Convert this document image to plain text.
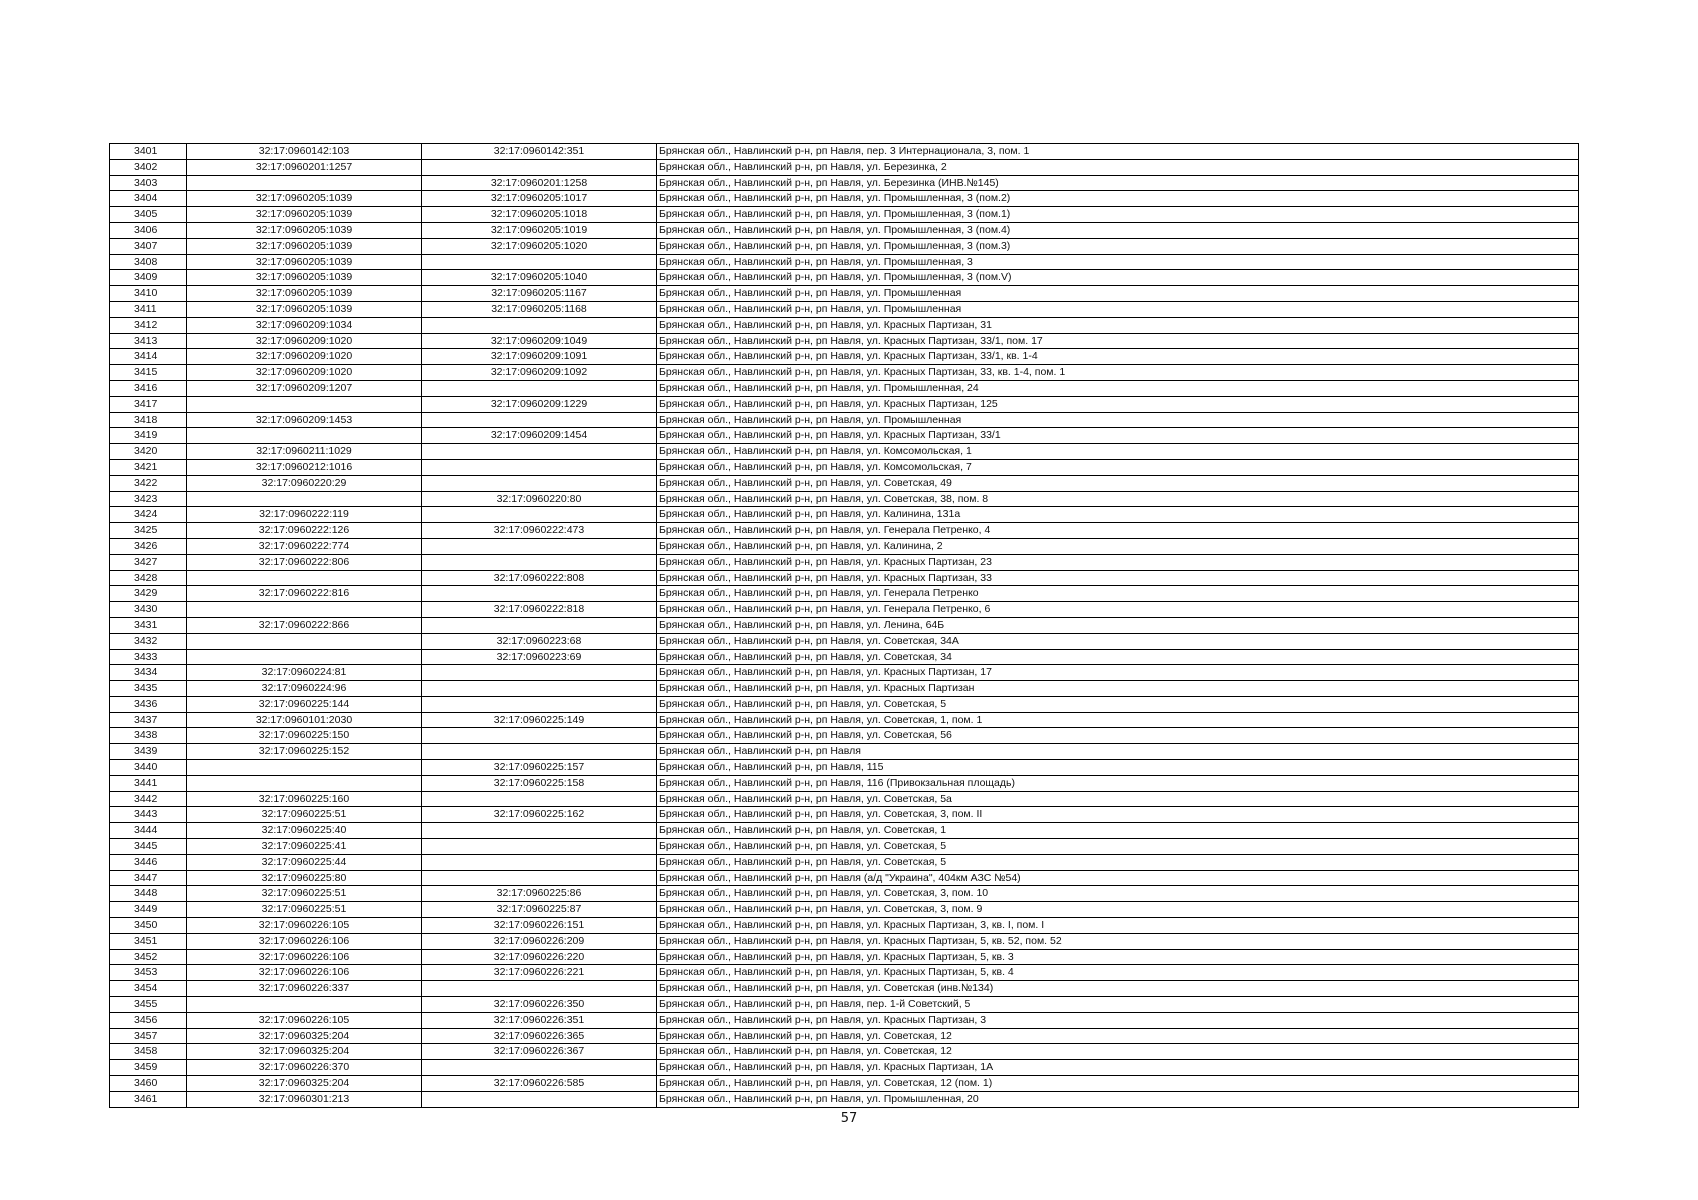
3401	32:17:0960142:103	32:17:0960142:351	Брянская обл., Навлинский р-н, рп Навля, пер. 3 Интернационала, 3, пом. 1
3402	32:17:0960201:1257		Брянская обл., Навлинский р-н, рп Навля, ул. Березинка, 2
3403		32:17:0960201:1258	Брянская обл., Навлинский р-н, рп Навля, ул. Березинка (ИНВ.№145)
3404	32:17:0960205:1039	32:17:0960205:1017	Брянская обл., Навлинский р-н, рп Навля, ул. Промышленная, 3 (пом.2)
3405	32:17:0960205:1039	32:17:0960205:1018	Брянская обл., Навлинский р-н, рп Навля, ул. Промышленная, 3 (пом.1)
3406	32:17:0960205:1039	32:17:0960205:1019	Брянская обл., Навлинский р-н, рп Навля, ул. Промышленная, 3 (пом.4)
3407	32:17:0960205:1039	32:17:0960205:1020	Брянская обл., Навлинский р-н, рп Навля, ул. Промышленная, 3 (пом.3)
3408	32:17:0960205:1039		Брянская обл., Навлинский р-н, рп Навля, ул. Промышленная, 3
3409	32:17:0960205:1039	32:17:0960205:1040	Брянская обл., Навлинский р-н, рп Навля, ул. Промышленная, 3 (пом.V)
3410	32:17:0960205:1039	32:17:0960205:1167	Брянская обл., Навлинский р-н, рп Навля, ул. Промышленная
3411	32:17:0960205:1039	32:17:0960205:1168	Брянская обл., Навлинский р-н, рп Навля, ул. Промышленная
3412	32:17:0960209:1034		Брянская обл., Навлинский р-н, рп Навля, ул. Красных Партизан, 31
3413	32:17:0960209:1020	32:17:0960209:1049	Брянская обл., Навлинский р-н, рп Навля, ул. Красных Партизан, 33/1, пом. 17
3414	32:17:0960209:1020	32:17:0960209:1091	Брянская обл., Навлинский р-н, рп Навля, ул. Красных Партизан, 33/1, кв. 1-4
3415	32:17:0960209:1020	32:17:0960209:1092	Брянская обл., Навлинский р-н, рп Навля, ул. Красных Партизан, 33, кв. 1-4, пом. 1
3416	32:17:0960209:1207		Брянская обл., Навлинский р-н, рп Навля, ул. Промышленная, 24
3417		32:17:0960209:1229	Брянская обл., Навлинский р-н, рп Навля, ул. Красных Партизан, 125
3418	32:17:0960209:1453		Брянская обл., Навлинский р-н, рп Навля, ул. Промышленная
3419		32:17:0960209:1454	Брянская обл., Навлинский р-н, рп Навля, ул. Красных Партизан, 33/1
3420	32:17:0960211:1029		Брянская обл., Навлинский р-н, рп Навля, ул. Комсомольская, 1
3421	32:17:0960212:1016		Брянская обл., Навлинский р-н, рп Навля, ул. Комсомольская, 7
3422	32:17:0960220:29		Брянская обл., Навлинский р-н, рп Навля, ул. Советская, 49
3423		32:17:0960220:80	Брянская обл., Навлинский р-н, рп Навля, ул. Советская, 38, пом. 8
3424	32:17:0960222:119		Брянская обл., Навлинский р-н, рп Навля, ул. Калинина, 131а
3425	32:17:0960222:126	32:17:0960222:473	Брянская обл., Навлинский р-н, рп Навля, ул. Генерала Петренко, 4
3426	32:17:0960222:774		Брянская обл., Навлинский р-н, рп Навля, ул. Калинина, 2
3427	32:17:0960222:806		Брянская обл., Навлинский р-н, рп Навля, ул. Красных Партизан, 23
3428		32:17:0960222:808	Брянская обл., Навлинский р-н, рп Навля, ул. Красных Партизан, 33
3429	32:17:0960222:816		Брянская обл., Навлинский р-н, рп Навля, ул. Генерала Петренко
3430		32:17:0960222:818	Брянская обл., Навлинский р-н, рп Навля, ул. Генерала Петренко, 6
3431	32:17:0960222:866		Брянская обл., Навлинский р-н, рп Навля, ул. Ленина, 64Б
3432		32:17:0960223:68	Брянская обл., Навлинский р-н, рп Навля, ул. Советская, 34А
3433		32:17:0960223:69	Брянская обл., Навлинский р-н, рп Навля, ул. Советская, 34
3434	32:17:0960224:81		Брянская обл., Навлинский р-н, рп Навля, ул. Красных Партизан, 17
3435	32:17:0960224:96		Брянская обл., Навлинский р-н, рп Навля, ул. Красных Партизан
3436	32:17:0960225:144		Брянская обл., Навлинский р-н, рп Навля, ул. Советская, 5
3437	32:17:0960101:2030	32:17:0960225:149	Брянская обл., Навлинский р-н, рп Навля, ул. Советская, 1, пом. 1
3438	32:17:0960225:150		Брянская обл., Навлинский р-н, рп Навля, ул. Советская, 56
3439	32:17:0960225:152		Брянская обл., Навлинский р-н, рп Навля
3440		32:17:0960225:157	Брянская обл., Навлинский р-н, рп Навля, 115
3441		32:17:0960225:158	Брянская обл., Навлинский р-н, рп Навля, 116 (Привокзальная площадь)
3442	32:17:0960225:160		Брянская обл., Навлинский р-н, рп Навля, ул. Советская, 5а
3443	32:17:0960225:51	32:17:0960225:162	Брянская обл., Навлинский р-н, рп Навля, ул. Советская, 3, пом. II
3444	32:17:0960225:40		Брянская обл., Навлинский р-н, рп Навля, ул. Советская, 1
3445	32:17:0960225:41		Брянская обл., Навлинский р-н, рп Навля, ул. Советская, 5
3446	32:17:0960225:44		Брянская обл., Навлинский р-н, рп Навля, ул. Советская, 5
3447	32:17:0960225:80		Брянская обл., Навлинский р-н, рп Навля (а/д "Украина", 404км АЗС №54)
3448	32:17:0960225:51	32:17:0960225:86	Брянская обл., Навлинский р-н, рп Навля, ул. Советская, 3, пом. 10
3449	32:17:0960225:51	32:17:0960225:87	Брянская обл., Навлинский р-н, рп Навля, ул. Советская, 3, пом. 9
3450	32:17:0960226:105	32:17:0960226:151	Брянская обл., Навлинский р-н, рп Навля, ул. Красных Партизан, 3, кв. I, пом. I
3451	32:17:0960226:106	32:17:0960226:209	Брянская обл., Навлинский р-н, рп Навля, ул. Красных Партизан, 5, кв. 52, пом. 52
3452	32:17:0960226:106	32:17:0960226:220	Брянская обл., Навлинский р-н, рп Навля, ул. Красных Партизан, 5, кв. 3
3453	32:17:0960226:106	32:17:0960226:221	Брянская обл., Навлинский р-н, рп Навля, ул. Красных Партизан, 5, кв. 4
3454	32:17:0960226:337		Брянская обл., Навлинский р-н, рп Навля, ул. Советская (инв.№134)
3455		32:17:0960226:350	Брянская обл., Навлинский р-н, рп Навля, пер. 1-й Советский, 5
3456	32:17:0960226:105	32:17:0960226:351	Брянская обл., Навлинский р-н, рп Навля, ул. Красных Партизан, 3
3457	32:17:0960325:204	32:17:0960226:365	Брянская обл., Навлинский р-н, рп Навля, ул. Советская, 12
3458	32:17:0960325:204	32:17:0960226:367	Брянская обл., Навлинский р-н, рп Навля, ул. Советская, 12
3459	32:17:0960226:370		Брянская обл., Навлинский р-н, рп Навля, ул. Красных Партизан, 1А
3460	32:17:0960325:204	32:17:0960226:585	Брянская обл., Навлинский р-н, рп Навля, ул. Советская, 12 (пом. 1)
3461	32:17:0960301:213		Брянская обл., Навлинский р-н, рп Навля, ул. Промышленная, 20
57
